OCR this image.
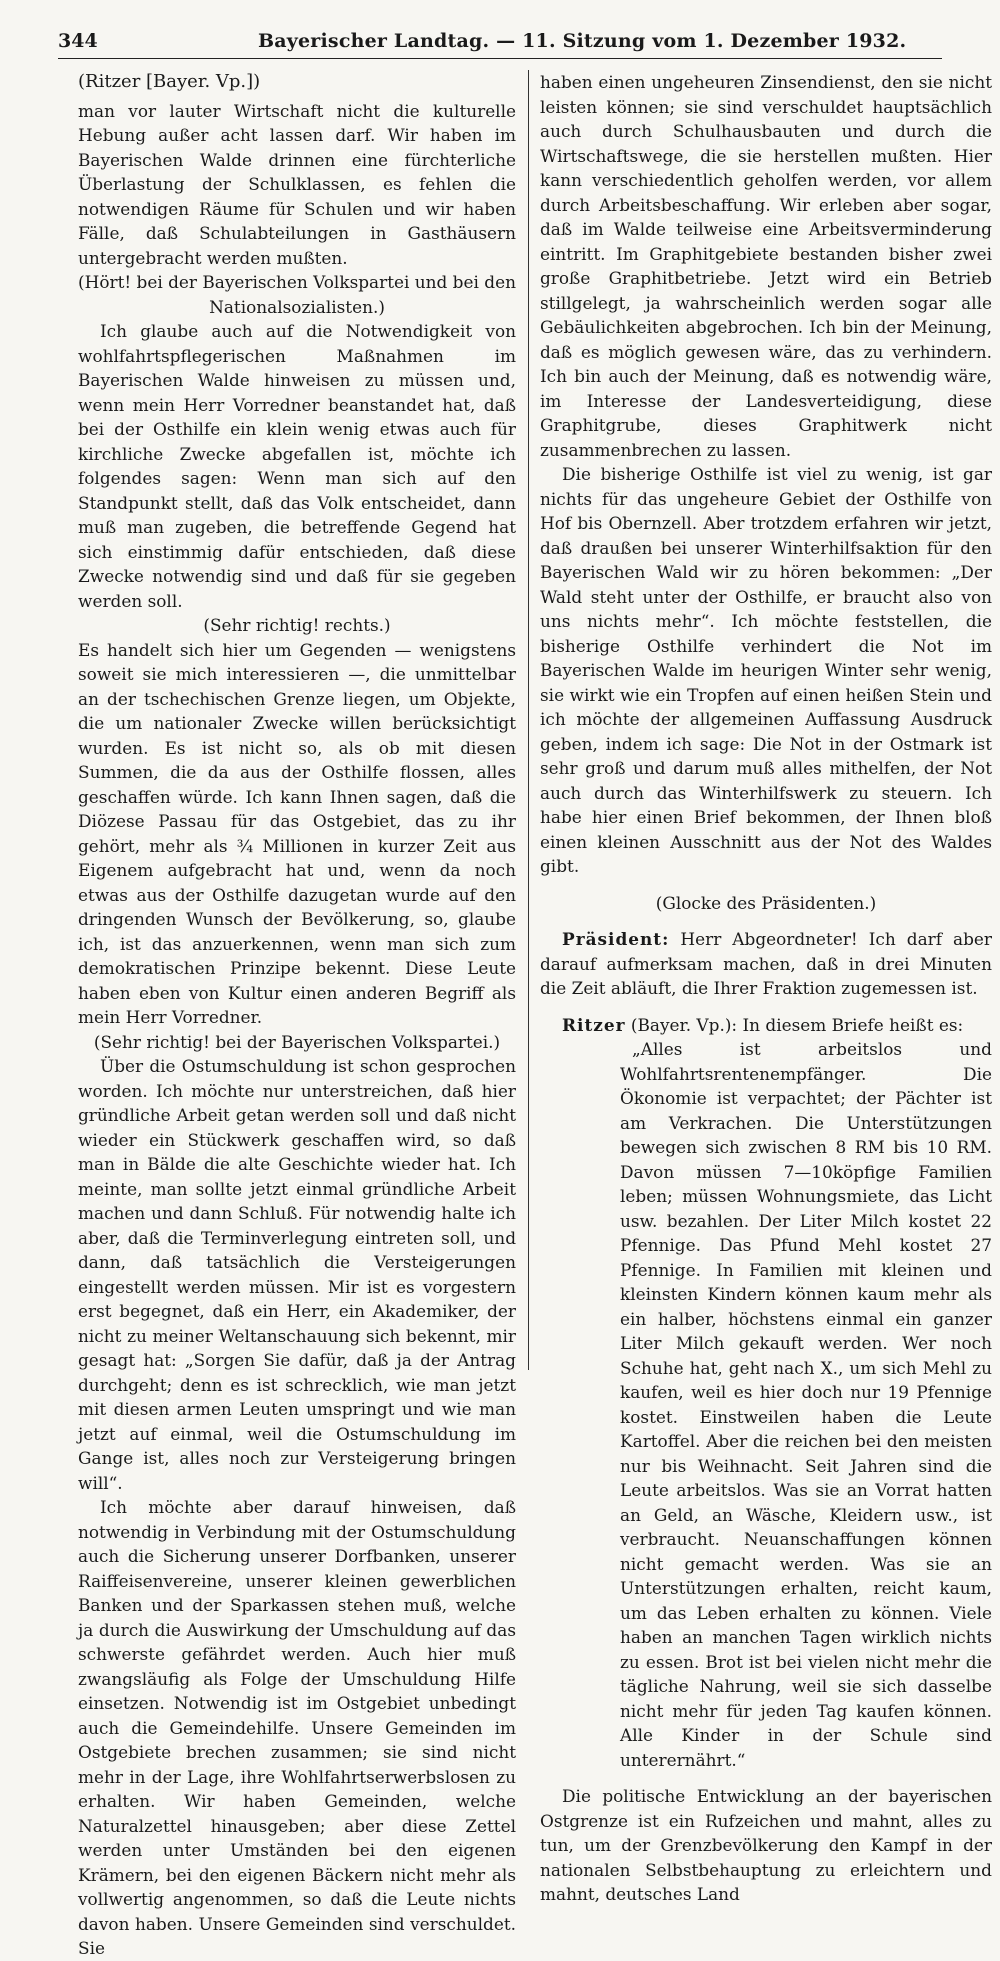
344	Bayerischer Landtag. — 11. Sitzung vom 1. Dezember 1932.

(Ritzer [Bayer. Vp.])

man vor lauter Wirtschaft nicht die kulturelle Hebung außer acht lassen darf. Wir haben im Bayerischen Walde drinnen eine fürchterliche Überlastung der Schulklassen, es fehlen die notwendigen Räume für Schulen und wir haben Fälle, daß Schulabteilungen in Gasthäusern untergebracht werden mußten.

(Hört! bei der Bayerischen Volkspartei und bei den Nationalsozialisten.)

Ich glaube auch auf die Notwendigkeit von wohlfahrtspflegerischen Maßnahmen im Bayerischen Walde hinweisen zu müssen und, wenn mein Herr Vorredner beanstandet hat, daß bei der Osthilfe ein klein wenig etwas auch für kirchliche Zwecke abgefallen ist, möchte ich folgendes sagen: Wenn man sich auf den Standpunkt stellt, daß das Volk entscheidet, dann muß man zugeben, die betreffende Gegend hat sich einstimmig dafür entschieden, daß diese Zwecke notwendig sind und daß für sie gegeben werden soll.

(Sehr richtig! rechts.)

Es handelt sich hier um Gegenden — wenigstens soweit sie mich interessieren —, die unmittelbar an der tschechischen Grenze liegen, um Objekte, die um nationaler Zwecke willen berücksichtigt wurden. Es ist nicht so, als ob mit diesen Summen, die da aus der Osthilfe flossen, alles geschaffen würde. Ich kann Ihnen sagen, daß die Diözese Passau für das Ostgebiet, das zu ihr gehört, mehr als ¾ Millionen in kurzer Zeit aus Eigenem aufgebracht hat und, wenn da noch etwas aus der Osthilfe dazugetan wurde auf den dringenden Wunsch der Bevölkerung, so, glaube ich, ist das anzuerkennen, wenn man sich zum demokratischen Prinzipe bekennt. Diese Leute haben eben von Kultur einen anderen Begriff als mein Herr Vorredner.

(Sehr richtig! bei der Bayerischen Volkspartei.)

Über die Ostumschuldung ist schon gesprochen worden. Ich möchte nur unterstreichen, daß hier gründliche Arbeit getan werden soll und daß nicht wieder ein Stückwerk geschaffen wird, so daß man in Bälde die alte Geschichte wieder hat. Ich meinte, man sollte jetzt einmal gründliche Arbeit machen und dann Schluß. Für notwendig halte ich aber, daß die Terminverlegung eintreten soll, und dann, daß tatsächlich die Versteigerungen eingestellt werden müssen. Mir ist es vorgestern erst begegnet, daß ein Herr, ein Akademiker, der nicht zu meiner Weltanschauung sich bekennt, mir gesagt hat: „Sorgen Sie dafür, daß ja der Antrag durchgeht; denn es ist schrecklich, wie man jetzt mit diesen armen Leuten umspringt und wie man jetzt auf einmal, weil die Ostumschuldung im Gange ist, alles noch zur Versteigerung bringen will“.

Ich möchte aber darauf hinweisen, daß notwendig in Verbindung mit der Ostumschuldung auch die Sicherung unserer Dorfbanken, unserer Raiffeisenvereine, unserer kleinen gewerblichen Banken und der Sparkassen stehen muß, welche ja durch die Auswirkung der Umschuldung auf das schwerste gefährdet werden. Auch hier muß zwangsläufig als Folge der Umschuldung Hilfe einsetzen. Notwendig ist im Ostgebiet unbedingt auch die Gemeindehilfe. Unsere Gemeinden im Ostgebiete brechen zusammen; sie sind nicht mehr in der Lage, ihre Wohlfahrtserwerbslosen zu erhalten. Wir haben Gemeinden, welche Naturalzettel hinausgeben; aber diese Zettel werden unter Umständen bei den eigenen Krämern, bei den eigenen Bäckern nicht mehr als vollwertig angenommen, so daß die Leute nichts davon haben. Unsere Gemeinden sind verschuldet. Sie

haben einen ungeheuren Zinsendienst, den sie nicht leisten können; sie sind verschuldet hauptsächlich auch durch Schulhausbauten und durch die Wirtschaftswege, die sie herstellen mußten. Hier kann verschiedentlich geholfen werden, vor allem durch Arbeitsbeschaffung. Wir erleben aber sogar, daß im Walde teilweise eine Arbeitsverminderung eintritt. Im Graphitgebiete bestanden bisher zwei große Graphitbetriebe. Jetzt wird ein Betrieb stillgelegt, ja wahrscheinlich werden sogar alle Gebäulichkeiten abgebrochen. Ich bin der Meinung, daß es möglich gewesen wäre, das zu verhindern. Ich bin auch der Meinung, daß es notwendig wäre, im Interesse der Landesverteidigung, diese Graphitgrube, dieses Graphitwerk nicht zusammenbrechen zu lassen.

Die bisherige Osthilfe ist viel zu wenig, ist gar nichts für das ungeheure Gebiet der Osthilfe von Hof bis Obernzell. Aber trotzdem erfahren wir jetzt, daß draußen bei unserer Winterhilfsaktion für den Bayerischen Wald wir zu hören bekommen: „Der Wald steht unter der Osthilfe, er braucht also von uns nichts mehr“. Ich möchte feststellen, die bisherige Osthilfe verhindert die Not im Bayerischen Walde im heurigen Winter sehr wenig, sie wirkt wie ein Tropfen auf einen heißen Stein und ich möchte der allgemeinen Auffassung Ausdruck geben, indem ich sage: Die Not in der Ostmark ist sehr groß und darum muß alles mithelfen, der Not auch durch das Winterhilfswerk zu steuern. Ich habe hier einen Brief bekommen, der Ihnen bloß einen kleinen Ausschnitt aus der Not des Waldes gibt.

(Glocke des Präsidenten.)

Präsident: Herr Abgeordneter! Ich darf aber darauf aufmerksam machen, daß in drei Minuten die Zeit abläuft, die Ihrer Fraktion zugemessen ist.

Ritzer (Bayer. Vp.): In diesem Briefe heißt es:

„Alles ist arbeitslos und Wohlfahrtsrentenempfänger. Die Ökonomie ist verpachtet; der Pächter ist am Verkrachen. Die Unterstützungen bewegen sich zwischen 8 RM bis 10 RM. Davon müssen 7—10köpfige Familien leben; müssen Wohnungsmiete, das Licht usw. bezahlen. Der Liter Milch kostet 22 Pfennige. Das Pfund Mehl kostet 27 Pfennige. In Familien mit kleinen und kleinsten Kindern können kaum mehr als ein halber, höchstens einmal ein ganzer Liter Milch gekauft werden. Wer noch Schuhe hat, geht nach X., um sich Mehl zu kaufen, weil es hier doch nur 19 Pfennige kostet. Einstweilen haben die Leute Kartoffel. Aber die reichen bei den meisten nur bis Weihnacht. Seit Jahren sind die Leute arbeitslos. Was sie an Vorrat hatten an Geld, an Wäsche, Kleidern usw., ist verbraucht. Neuanschaffungen können nicht gemacht werden. Was sie an Unterstützungen erhalten, reicht kaum, um das Leben erhalten zu können. Viele haben an manchen Tagen wirklich nichts zu essen. Brot ist bei vielen nicht mehr die tägliche Nahrung, weil sie sich dasselbe nicht mehr für jeden Tag kaufen können. Alle Kinder in der Schule sind unterernährt.“

Die politische Entwicklung an der bayerischen Ostgrenze ist ein Rufzeichen und mahnt, alles zu tun, um der Grenzbevölkerung den Kampf in der nationalen Selbstbehauptung zu erleichtern und mahnt, deutsches Land
